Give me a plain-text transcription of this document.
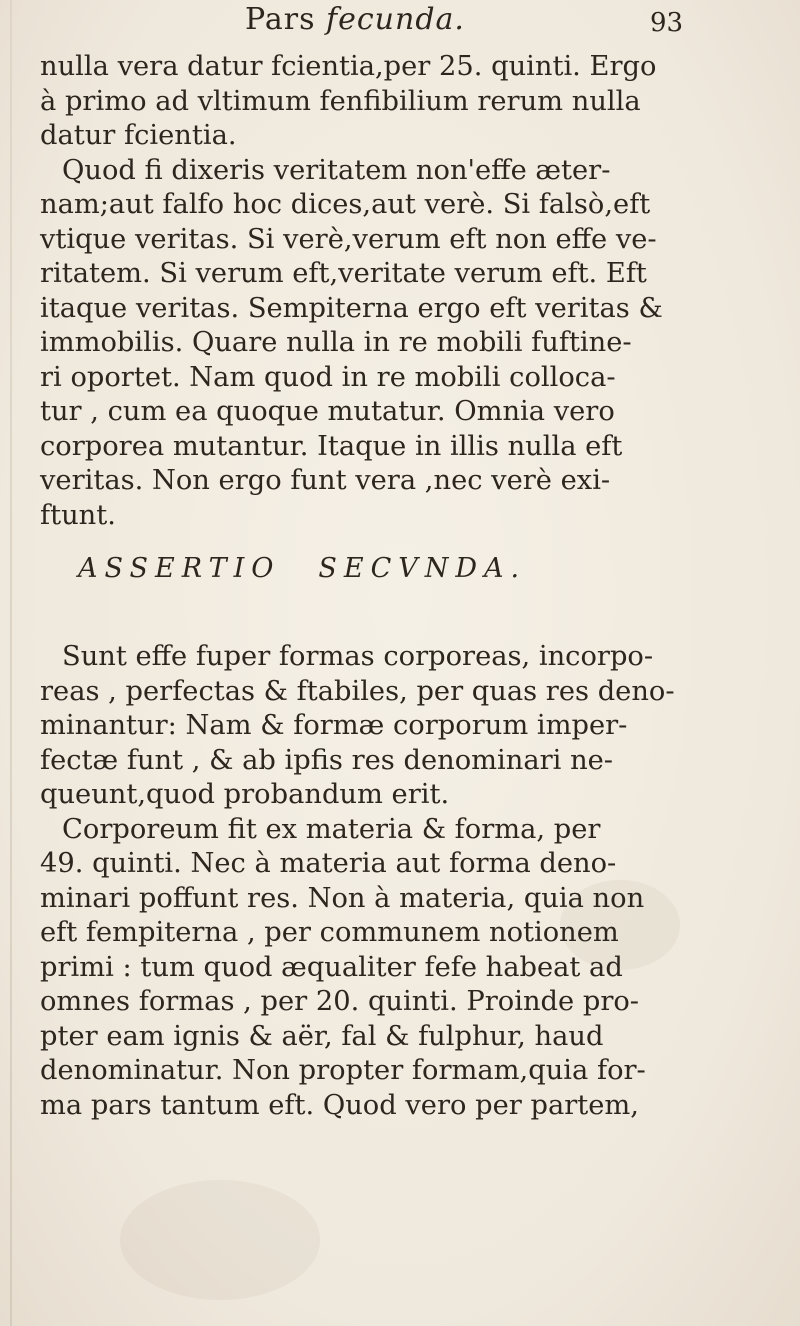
Pars fecunda.	93
nulla vera datur fcientia,per 25. quinti. Ergo
à primo ad vltimum fenfibilium rerum nulla
datur fcientia.
Quod fi dixeris veritatem non'effe æter-
nam;aut falfo hoc dices,aut verè. Si falsò,eft
vtique veritas. Si verè,verum eft non effe ve-
ritatem. Si verum eft,veritate verum eft. Eft
itaque veritas. Sempiterna ergo eft veritas &
immobilis. Quare nulla in re mobili fuftine-
ri oportet. Nam quod in re mobili colloca-
tur , cum ea quoque mutatur. Omnia vero
corporea mutantur. Itaque in illis nulla eft
veritas. Non ergo funt vera ,nec verè exi-
ftunt.
ASSERTIO SECVNDA.
Sunt effe fuper formas corporeas, incorpo-
reas , perfectas & ftabiles, per quas res deno-
minantur: Nam & formæ corporum imper-
fectæ funt , & ab ipfis res denominari ne-
queunt,quod probandum erit.
Corporeum fit ex materia & forma, per
49. quinti. Nec à materia aut forma deno-
minari poffunt res. Non à materia, quia non
eft fempiterna , per communem notionem
primi : tum quod æqualiter fefe habeat ad
omnes formas , per 20. quinti. Proinde pro-
pter eam ignis & aër, fal & fulphur, haud
denominatur. Non propter formam,quia for-
ma pars tantum eft. Quod vero per partem,
